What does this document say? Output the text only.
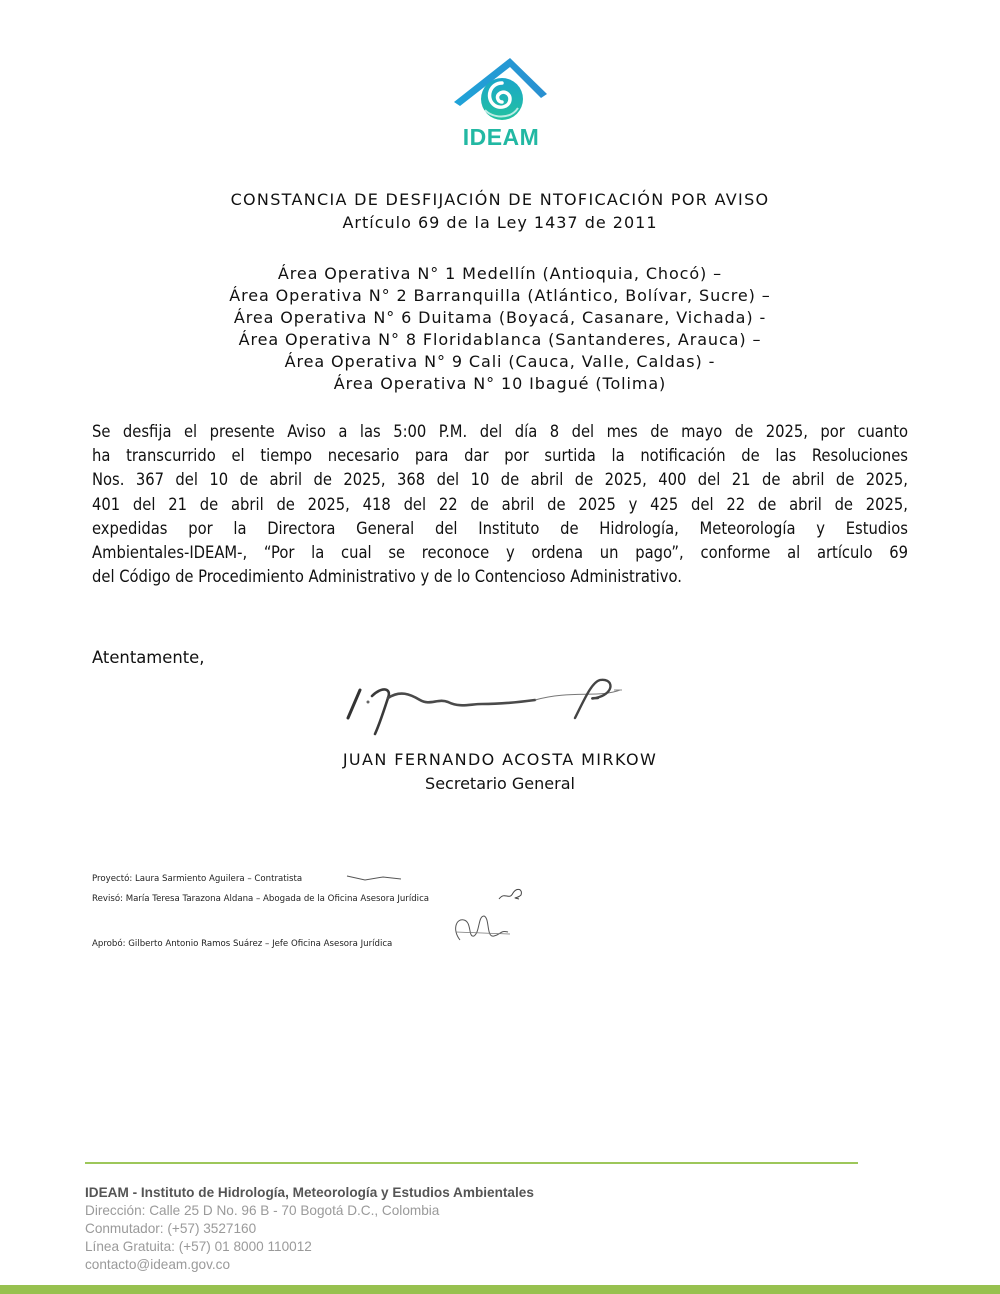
IDEAM
CONSTANCIA DE DESFIJACIÓN DE NTOFICACIÓN POR AVISO
Artículo 69 de la Ley 1437 de 2011
Área Operativa N° 1 Medellín (Antioquia, Chocó) –
Área Operativa N° 2 Barranquilla (Atlántico, Bolívar, Sucre) –
Área Operativa N° 6 Duitama (Boyacá, Casanare, Vichada) -
Área Operativa N° 8 Floridablanca (Santanderes, Arauca) –
Área Operativa N° 9 Cali (Cauca, Valle, Caldas) -
Área Operativa N° 10 Ibagué (Tolima)
Se desfija el presente Aviso a las 5:00 P.M. del día 8 del mes de mayo de 2025, por cuanto
ha transcurrido el tiempo necesario para dar por surtida la notificación de las Resoluciones
Nos. 367 del 10 de abril de 2025, 368 del 10 de abril de 2025, 400 del 21 de abril de 2025,
401 del 21 de abril de 2025, 418 del 22 de abril de 2025 y 425 del 22 de abril de 2025,
expedidas por la Directora General del Instituto de Hidrología, Meteorología y Estudios
Ambientales-IDEAM-, “Por la cual se reconoce y ordena un pago”, conforme al artículo 69
del Código de Procedimiento Administrativo y de lo Contencioso Administrativo.
Atentamente,
JUAN FERNANDO ACOSTA MIRKOW
Secretario General
Proyectó: Laura Sarmiento Aguilera – Contratista
Revisó: María Teresa Tarazona Aldana – Abogada de la Oficina Asesora Jurídica
Aprobó: Gilberto Antonio Ramos Suárez – Jefe Oficina Asesora Jurídica
IDEAM - Instituto de Hidrología, Meteorología y Estudios Ambientales
Dirección: Calle 25 D No. 96 B - 70 Bogotá D.C., Colombia
Conmutador: (+57) 3527160
Línea Gratuita: (+57) 01 8000 110012
contacto@ideam.gov.co
